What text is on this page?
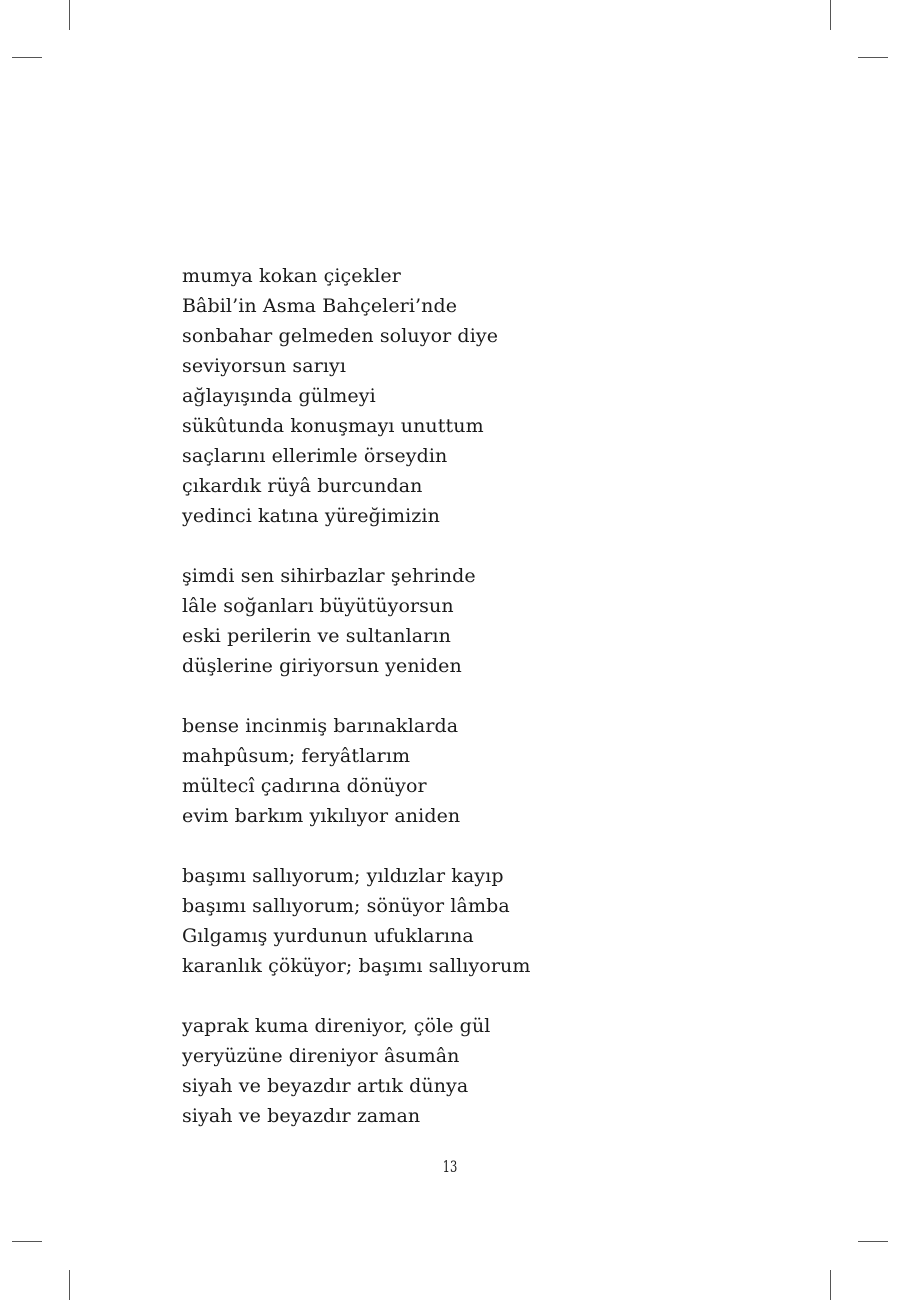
mumya kokan çiçekler
Bâbil’in Asma Bahçeleri’nde
sonbahar gelmeden soluyor diye
seviyorsun sarıyı
ağlayışında gülmeyi
sükûtunda konuşmayı unuttum
saçlarını ellerimle örseydin
çıkardık rüyâ burcundan
yedinci katına yüreğimizin
şimdi sen sihirbazlar şehrinde
lâle soğanları büyütüyorsun
eski perilerin ve sultanların
düşlerine giriyorsun yeniden
bense incinmiş barınaklarda
mahpûsum; feryâtlarım
mültecî çadırına dönüyor
evim barkım yıkılıyor aniden
başımı sallıyorum; yıldızlar kayıp
başımı sallıyorum; sönüyor lâmba
Gılgamış yurdunun ufuklarına
karanlık çöküyor; başımı sallıyorum
yaprak kuma direniyor, çöle gül
yeryüzüne direniyor âsumân
siyah ve beyazdır artık dünya
siyah ve beyazdır zaman
13
